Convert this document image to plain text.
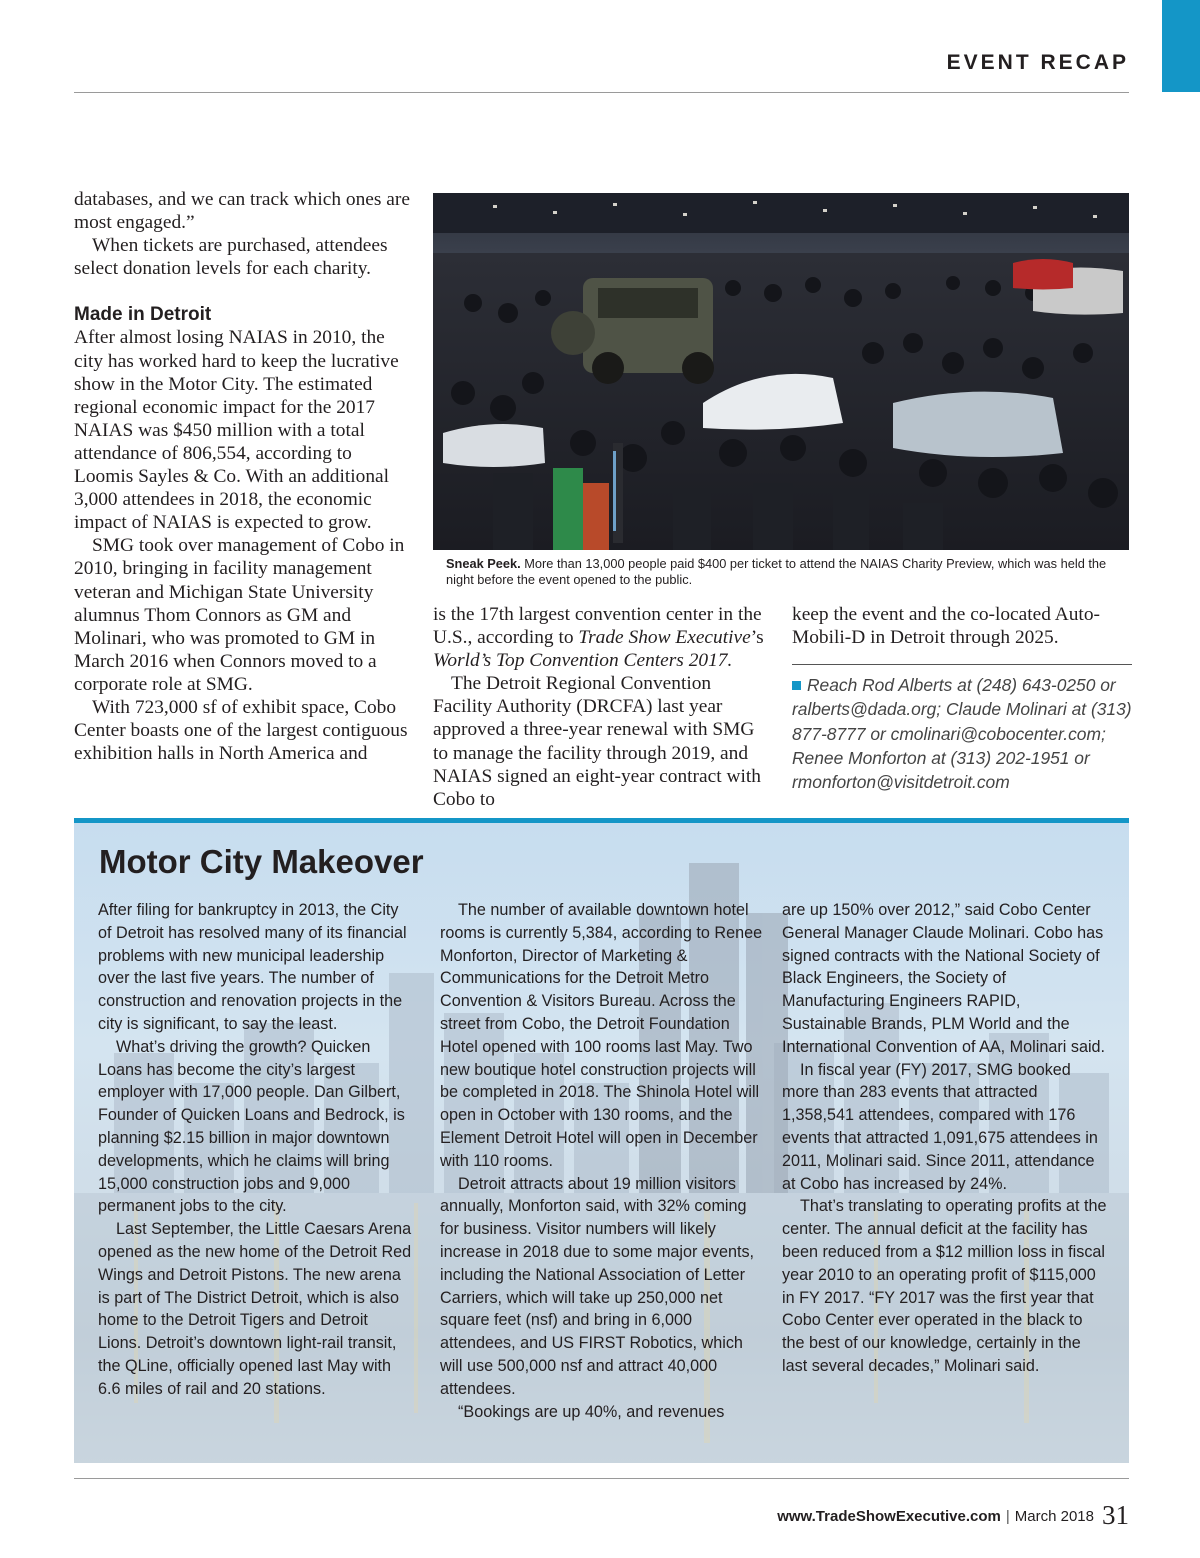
EVENT RECAP

databases, and we can track which ones are most engaged.”

When tickets are purchased, attendees select donation levels for each charity.

Made in Detroit

After almost losing NAIAS in 2010, the city has worked hard to keep the lucrative show in the Motor City. The estimated regional economic impact for the 2017 NAIAS was $450 million with a total attendance of 806,554, according to Loomis Sayles & Co. With an additional 3,000 attendees in 2018, the economic impact of NAIAS is expected to grow.

SMG took over management of Cobo in 2010, bringing in facility management veteran and Michigan State University alumnus Thom Connors as GM and Molinari, who was promoted to GM in March 2016 when Connors moved to a corporate role at SMG.

With 723,000 sf of exhibit space, Cobo Center boasts one of the largest contiguous exhibition halls in North America and

Sneak Peek. More than 13,000 people paid $400 per ticket to attend the NAIAS Charity Preview, which was held the night before the event opened to the public.

is the 17th largest convention center in the U.S., according to Trade Show Executive’s World’s Top Convention Centers 2017.

The Detroit Regional Convention Facility Authority (DRCFA) last year approved a three-year renewal with SMG to manage the facility through 2019, and NAIAS signed an eight-year contract with Cobo to

keep the event and the co-located Auto-Mobili-D in Detroit through 2025.

Reach Rod Alberts at (248) 643-0250 or ralberts@dada.org; Claude Molinari at (313) 877-8777 or cmolinari@cobocenter.com; Renee Monforton at (313) 202-1951 or rmonforton@visitdetroit.com
Motor City Makeover

After filing for bankruptcy in 2013, the City of Detroit has resolved many of its financial problems with new municipal leadership over the last five years. The number of construction and renovation projects in the city is significant, to say the least.

What’s driving the growth? Quicken Loans has become the city’s largest employer with 17,000 people. Dan Gilbert, Founder of Quicken Loans and Bedrock, is planning $2.15 billion in major downtown developments, which he claims will bring 15,000 construction jobs and 9,000 permanent jobs to the city.

Last September, the Little Caesars Arena opened as the new home of the Detroit Red Wings and Detroit Pistons. The new arena is part of The District Detroit, which is also home to the Detroit Tigers and Detroit Lions. Detroit’s downtown light-rail transit, the QLine, officially opened last May with 6.6 miles of rail and 20 stations.

The number of available downtown hotel rooms is currently 5,384, according to Renee Monforton, Director of Marketing & Communications for the Detroit Metro Convention & Visitors Bureau. Across the street from Cobo, the Detroit Foundation Hotel opened with 100 rooms last May. Two new boutique hotel construction projects will be completed in 2018. The Shinola Hotel will open in October with 130 rooms, and the Element Detroit Hotel will open in December with 110 rooms.

Detroit attracts about 19 million visitors annually, Monforton said, with 32% coming for business. Visitor numbers will likely increase in 2018 due to some major events, including the National Association of Letter Carriers, which will take up 250,000 net square feet (nsf) and bring in 6,000 attendees, and US FIRST Robotics, which will use 500,000 nsf and attract 40,000 attendees.

“Bookings are up 40%, and revenues

are up 150% over 2012,” said Cobo Center General Manager Claude Molinari. Cobo has signed contracts with the National Society of Black Engineers, the Society of Manufacturing Engineers RAPID, Sustainable Brands, PLM World and the International Convention of AA, Molinari said.

In fiscal year (FY) 2017, SMG booked more than 283 events that attracted 1,358,541 attendees, compared with 176 events that attracted 1,091,675 attendees in 2011, Molinari said. Since 2011, attendance at Cobo has increased by 24%.

That’s translating to operating profits at the center. The annual deficit at the facility has been reduced from a $12 million loss in fiscal year 2010 to an operating profit of $115,000 in FY 2017. “FY 2017 was the first year that Cobo Center ever operated in the black to the best of our knowledge, certainly in the last several decades,” Molinari said.

www.TradeShowExecutive.com | March 2018 31
